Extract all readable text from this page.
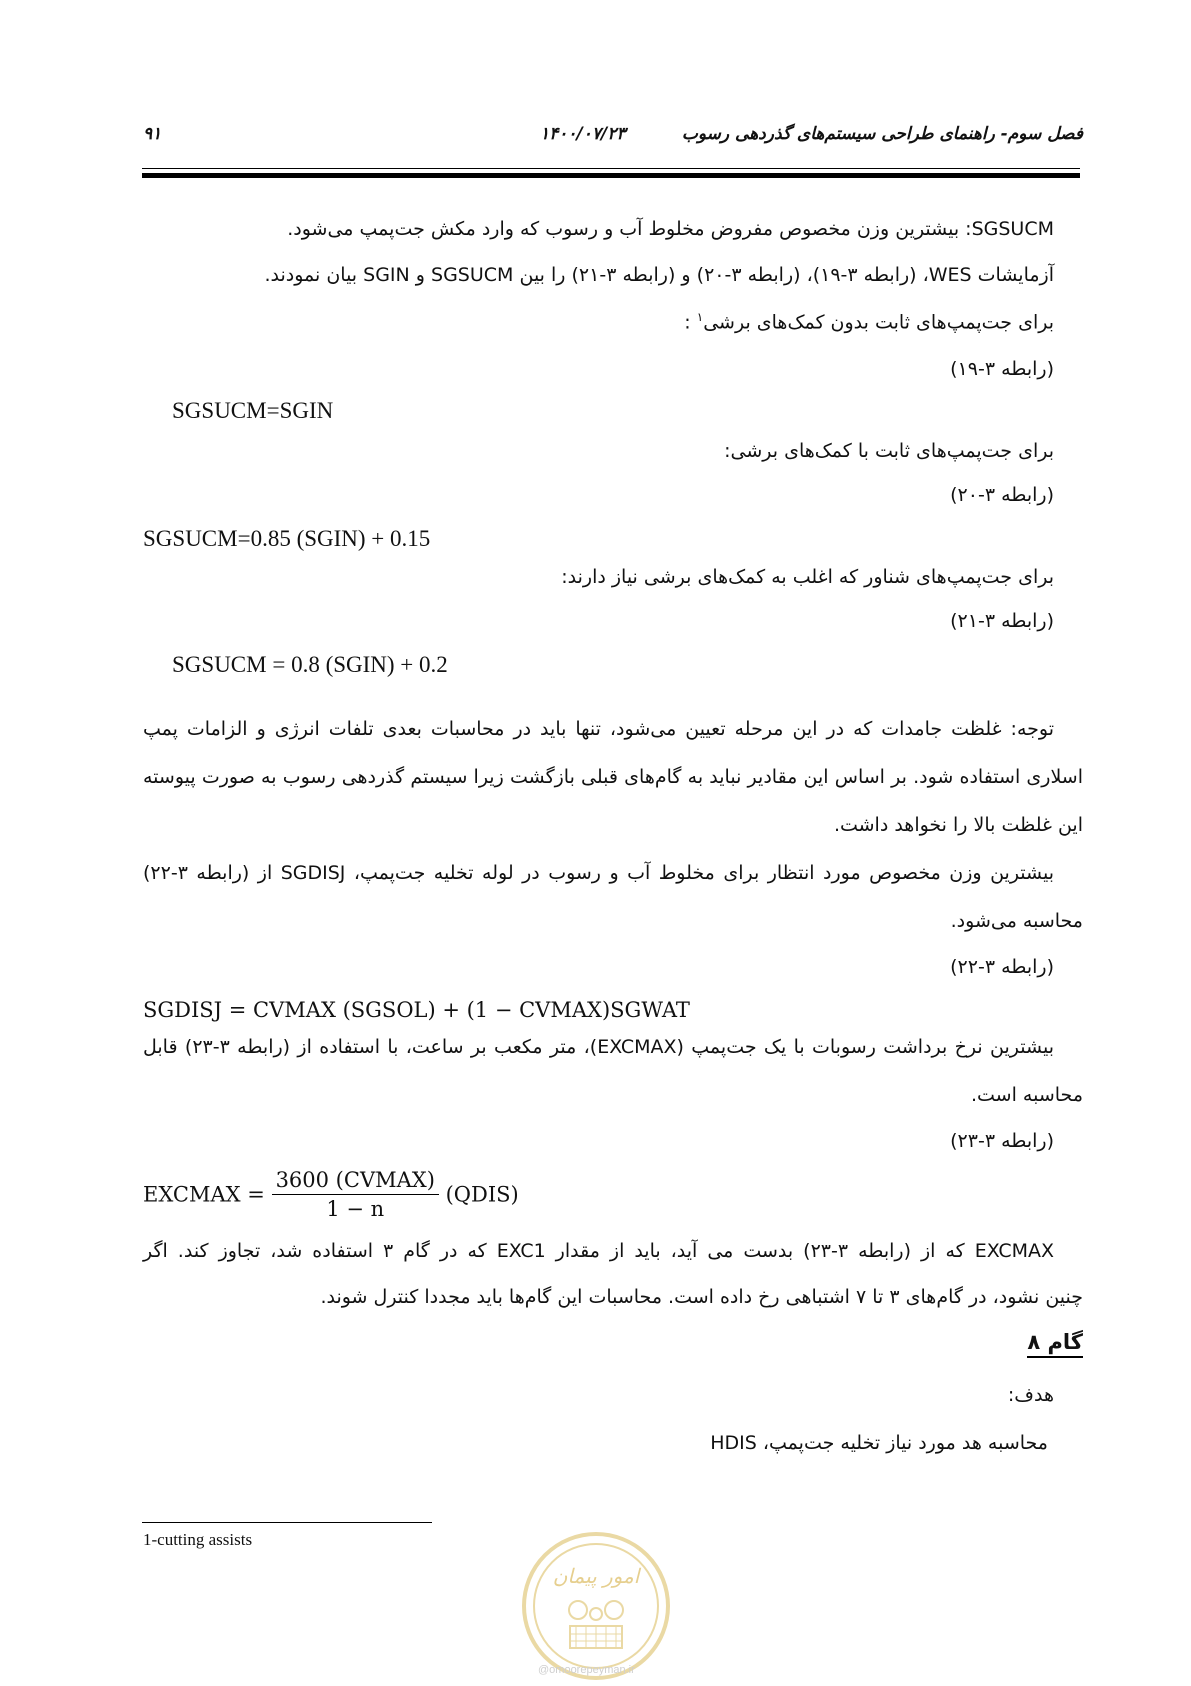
۹۱	۱۴۰۰/۰۷/۲۳	فصل سوم- راهنمای طراحی سیستم‌های گذردهی رسوب
SGSUCM: بیشترین وزن مخصوص مفروض مخلوط آب و رسوب که وارد مکش جت‌پمپ می‌شود.
آزمایشات WES، (رابطه ۳-۱۹)، (رابطه ۳-۲۰) و (رابطه ۳-۲۱) را بین SGSUCM و SGIN بیان نمودند.
برای جت‌پمپ‌های ثابت بدون کمک‌های برشی$^۱$ :
(رابطه ۳-۱۹)
SGSUCM=SGIN
برای جت‌پمپ‌های ثابت با کمک‌های برشی:
(رابطه ۳-۲۰)
SGSUCM=0.85 (SGIN) + 0.15
برای جت‌پمپ‌های شناور که اغلب به کمک‌های برشی نیاز دارند:
(رابطه ۳-۲۱)
SGSUCM = 0.8 (SGIN) + 0.2
توجه: غلظت جامدات که در این مرحله تعیین می‌شود، تنها باید در محاسبات بعدی تلفات انرژی و الزامات پمپ
اسلاری استفاده شود. بر اساس این مقادیر نباید به گام‌های قبلی بازگشت زیرا سیستم گذردهی رسوب به صورت پیوسته
این غلظت بالا را نخواهد داشت.
بیشترین وزن مخصوص مورد انتظار برای مخلوط آب و رسوب در لوله تخلیه جت‌پمپ، SGDISJ از (رابطه ۳-۲۲)
محاسبه می‌شود.
(رابطه ۳-۲۲)
SGDISJ = CVMAX (SGSOL) + (1 − CVMAX)SGWAT
بیشترین نرخ برداشت رسوبات با یک جت‌پمپ (EXCMAX)، متر مکعب بر ساعت، با استفاده از (رابطه ۳-۲۳) قابل
محاسبه است.
(رابطه ۳-۲۳)
EXCMAX = $\frac{\text{3600 (CVMAX)}}{1 - n}$ (QDIS)
EXCMAX که از (رابطه ۳-۲۳) بدست می آید، باید از مقدار EXC1 که در گام ۳ استفاده شد، تجاوز کند. اگر
چنین نشود، در گام‌های ۳ تا ۷ اشتباهی رخ داده است. محاسبات این گام‌ها باید مجددا کنترل شوند.
گام ۸
هدف:
محاسبه هد مورد نیاز تخلیه جت‌پمپ، HDIS
1-cutting assists
امور پیمان
@omoorepeyman.ir
